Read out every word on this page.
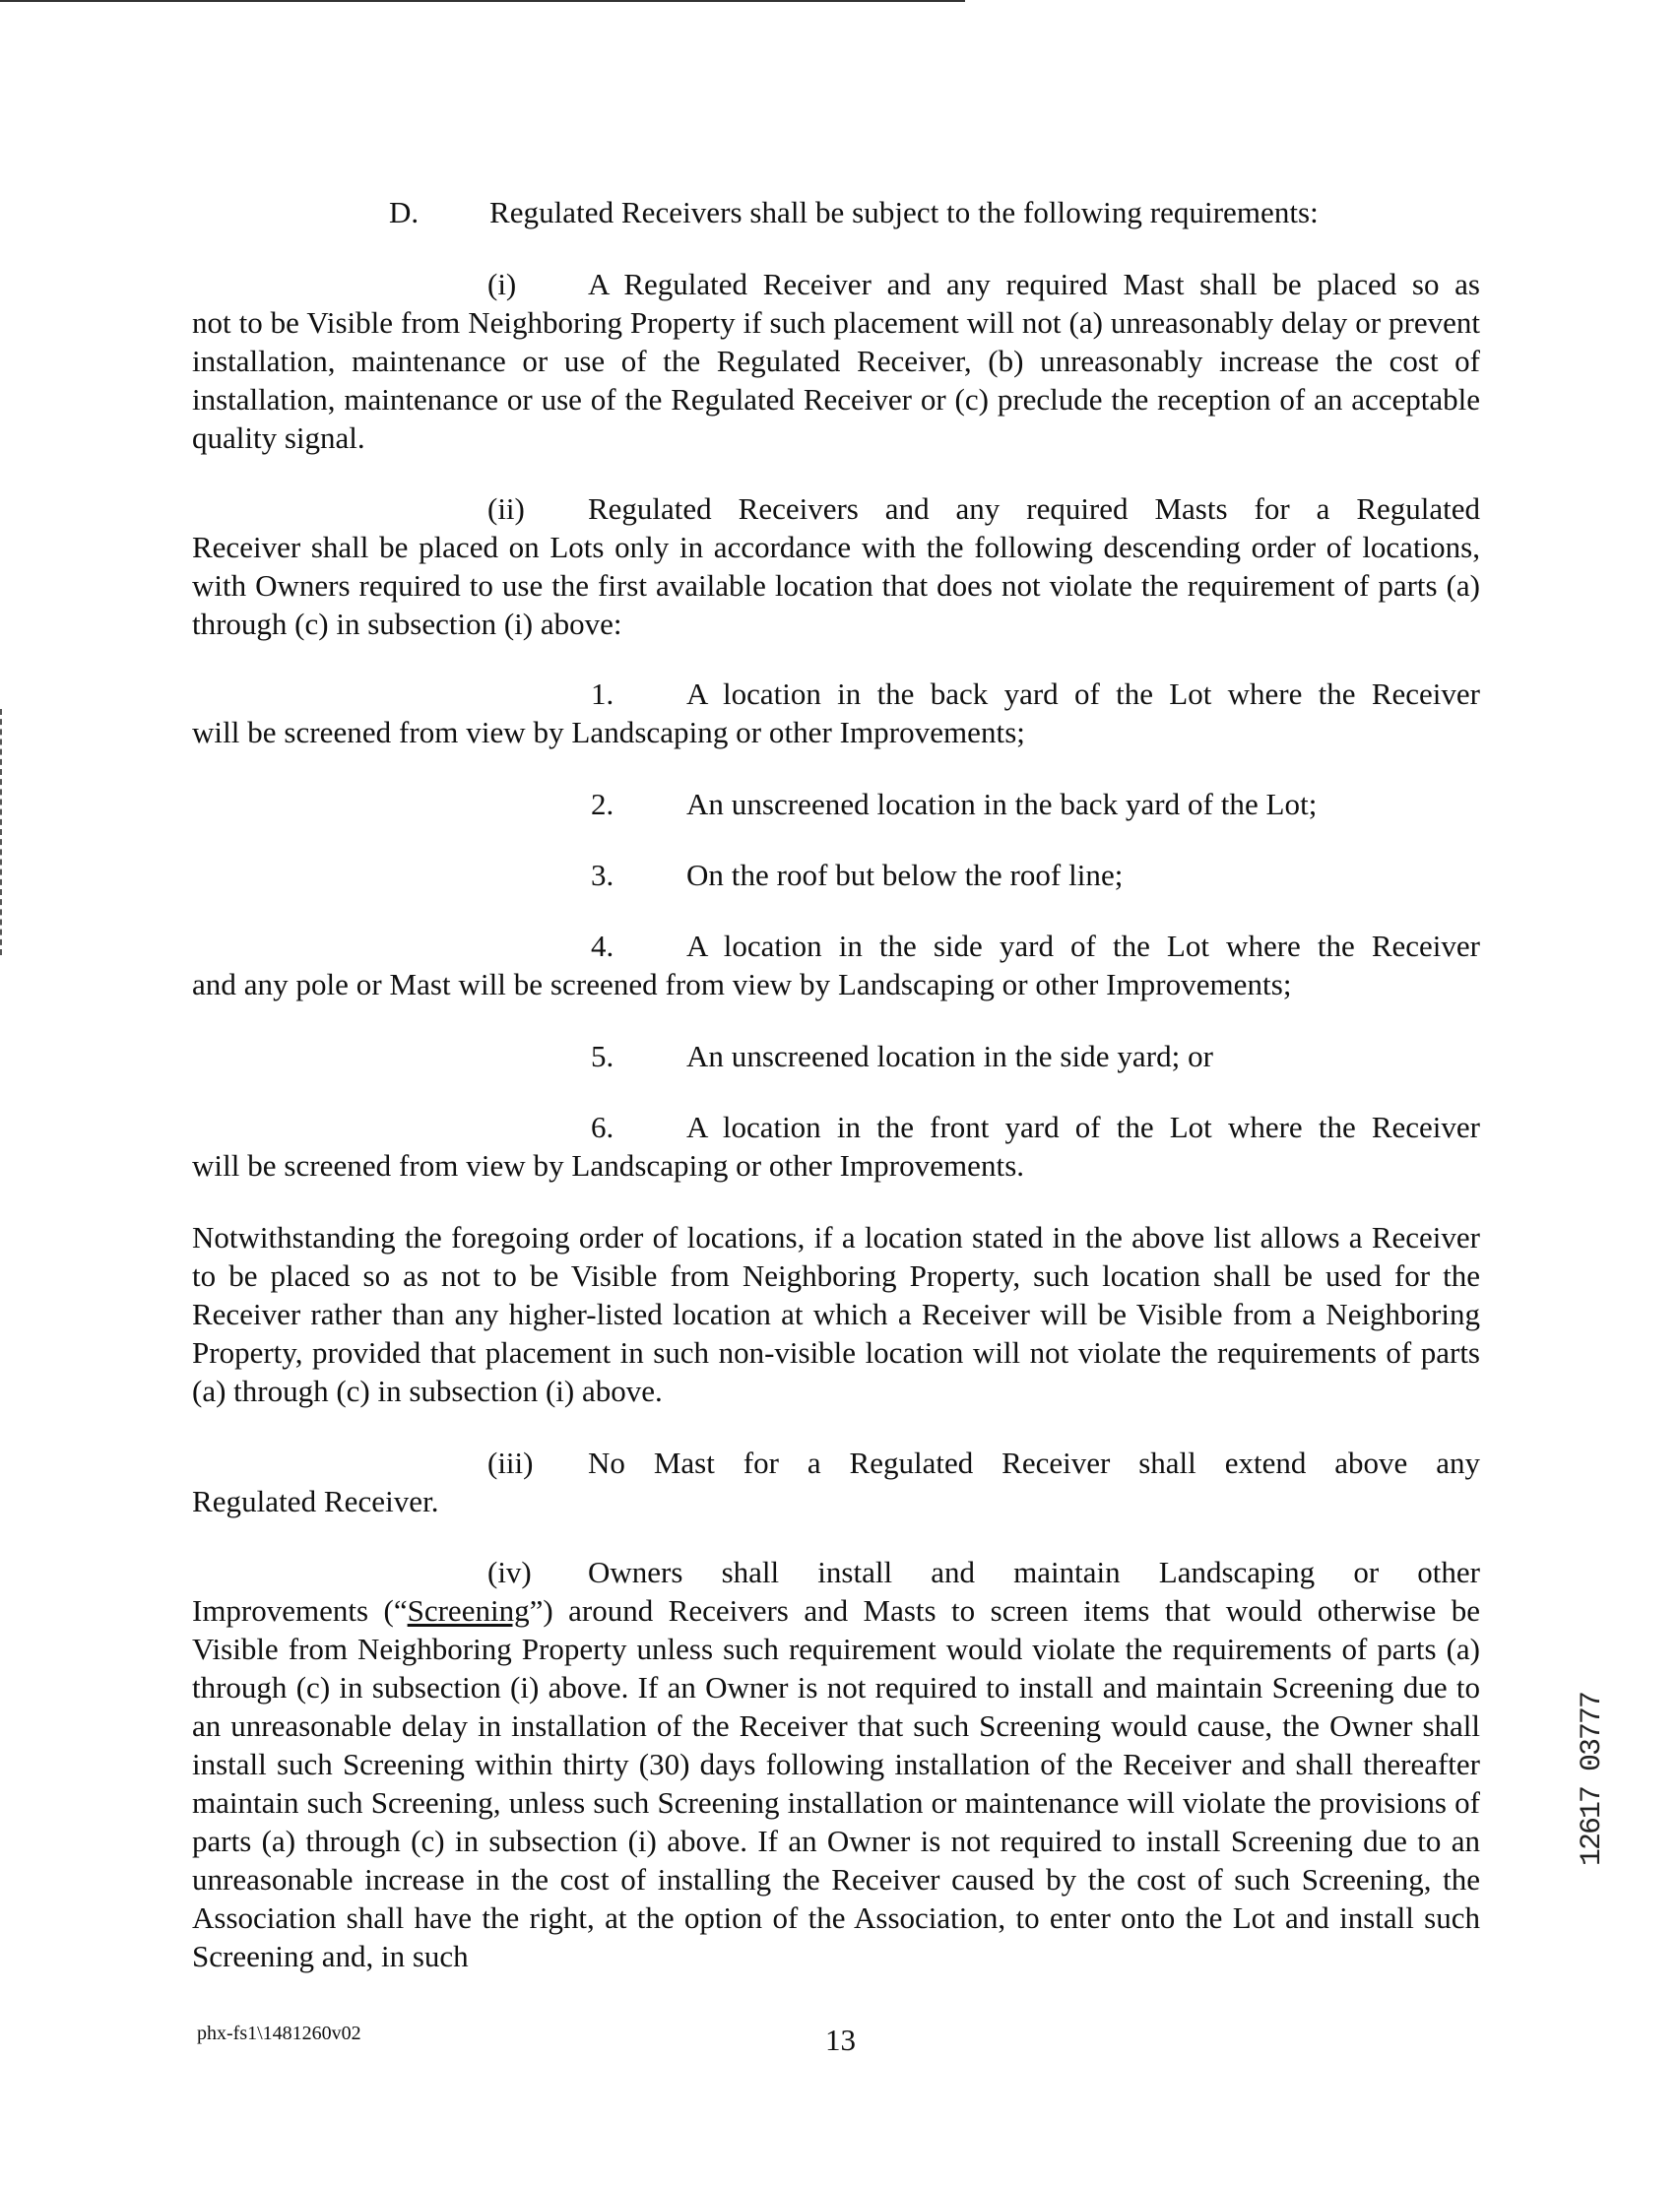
D. Regulated Receivers shall be subject to the following requirements:
(i) A Regulated Receiver and any required Mast shall be placed so as
not to be Visible from Neighboring Property if such placement will not (a) unreasonably delay or prevent installation, maintenance or use of the Regulated Receiver, (b) unreasonably increase the cost of installation, maintenance or use of the Regulated Receiver or (c) preclude the reception of an acceptable quality signal.
(ii) Regulated Receivers and any required Masts for a Regulated
Receiver shall be placed on Lots only in accordance with the following descending order of locations, with Owners required to use the first available location that does not violate the requirement of parts (a) through (c) in subsection (i) above:
1. A location in the back yard of the Lot where the Receiver
will be screened from view by Landscaping or other Improvements;
2. An unscreened location in the back yard of the Lot;
3. On the roof but below the roof line;
4. A location in the side yard of the Lot where the Receiver
and any pole or Mast will be screened from view by Landscaping or other Improvements;
5. An unscreened location in the side yard; or
6. A location in the front yard of the Lot where the Receiver
will be screened from view by Landscaping or other Improvements.
Notwithstanding the foregoing order of locations, if a location stated in the above list allows a Receiver to be placed so as not to be Visible from Neighboring Property, such location shall be used for the Receiver rather than any higher-listed location at which a Receiver will be Visible from a Neighboring Property, provided that placement in such non-visible location will not violate the requirements of parts (a) through (c) in subsection (i) above.
(iii) No Mast for a Regulated Receiver shall extend above any
Regulated Receiver.
(iv) Owners shall install and maintain Landscaping or other
Improvements (“Screening”) around Receivers and Masts to screen items that would otherwise be Visible from Neighboring Property unless such requirement would violate the requirements of parts (a) through (c) in subsection (i) above. If an Owner is not required to install and maintain Screening due to an unreasonable delay in installation of the Receiver that such Screening would cause, the Owner shall install such Screening within thirty (30) days following installation of the Receiver and shall thereafter maintain such Screening, unless such Screening installation or maintenance will violate the provisions of parts (a) through (c) in subsection (i) above. If an Owner is not required to install Screening due to an unreasonable increase in the cost of installing the Receiver caused by the cost of such Screening, the Association shall have the right, at the option of the Association, to enter onto the Lot and install such Screening and, in such
12617 03777
phx-fs1\1481260v02	13
